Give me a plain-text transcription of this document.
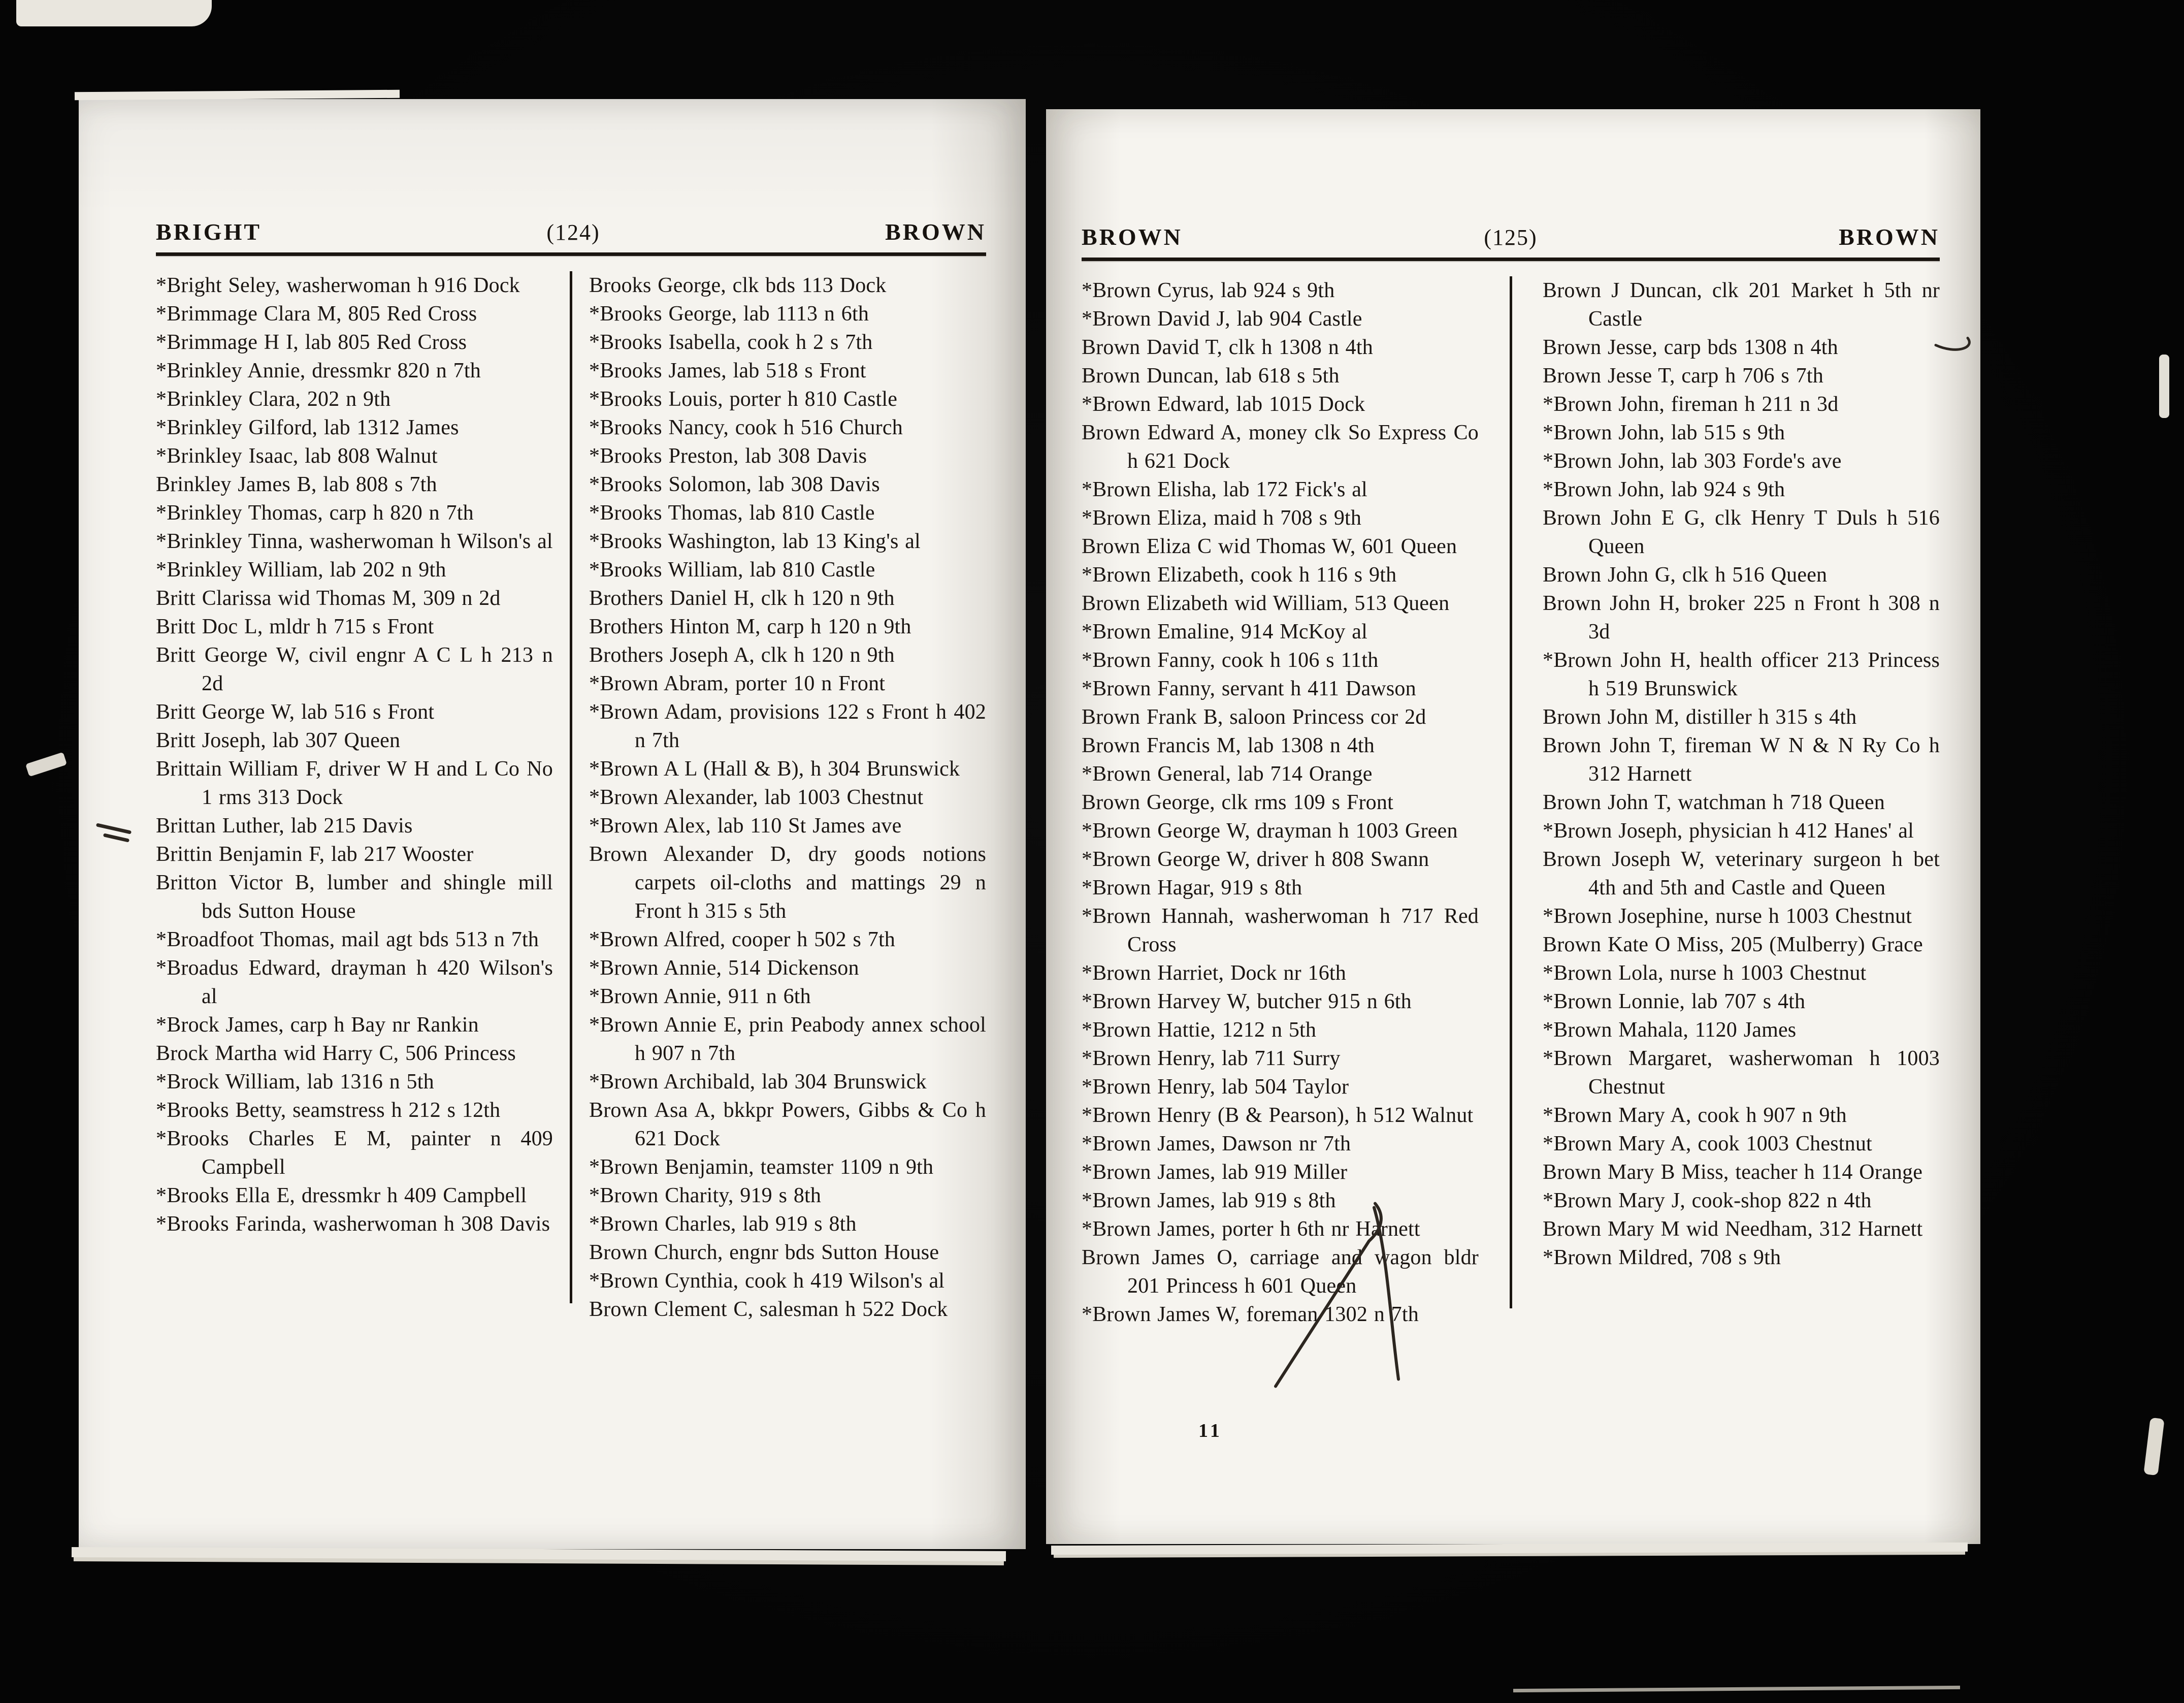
BRIGHT	(124)	BROWN

*Bright Seley, washerwoman h 916 Dock

*Brimmage Clara M, 805 Red Cross

*Brimmage H I, lab 805 Red Cross

*Brinkley Annie, dressmkr 820 n 7th

*Brinkley Clara, 202 n 9th

*Brinkley Gilford, lab 1312 James

*Brinkley Isaac, lab 808 Walnut

Brinkley James B, lab 808 s 7th

*Brinkley Thomas, carp h 820 n 7th

*Brinkley Tinna, washerwoman h Wilson's al

*Brinkley William, lab 202 n 9th

Britt Clarissa wid Thomas M, 309 n 2d

Britt Doc L, mldr h 715 s Front

Britt George W, civil engnr A C L h 213 n 2d

Britt George W, lab 516 s Front

Britt Joseph, lab 307 Queen

Brittain William F, driver W H and L Co No 1 rms 313 Dock

Brittan Luther, lab 215 Davis

Brittin Benjamin F, lab 217 Wooster

Britton Victor B, lumber and shingle mill bds Sutton House

*Broadfoot Thomas, mail agt bds 513 n 7th

*Broadus Edward, drayman h 420 Wilson's al

*Brock James, carp h Bay nr Rankin

Brock Martha wid Harry C, 506 Princess

*Brock William, lab 1316 n 5th

*Brooks Betty, seamstress h 212 s 12th

*Brooks Charles E M, painter n 409 Campbell

*Brooks Ella E, dressmkr h 409 Campbell

*Brooks Farinda, washerwoman h 308 Davis

Brooks George, clk bds 113 Dock

*Brooks George, lab 1113 n 6th

*Brooks Isabella, cook h 2 s 7th

*Brooks James, lab 518 s Front

*Brooks Louis, porter h 810 Castle

*Brooks Nancy, cook h 516 Church

*Brooks Preston, lab 308 Davis

*Brooks Solomon, lab 308 Davis

*Brooks Thomas, lab 810 Castle

*Brooks Washington, lab 13 King's al

*Brooks William, lab 810 Castle

Brothers Daniel H, clk h 120 n 9th

Brothers Hinton M, carp h 120 n 9th

Brothers Joseph A, clk h 120 n 9th

*Brown Abram, porter 10 n Front

*Brown Adam, provisions 122 s Front h 402 n 7th

*Brown A L (Hall & B), h 304 Brunswick

*Brown Alexander, lab 1003 Chestnut

*Brown Alex, lab 110 St James ave

Brown Alexander D, dry goods notions carpets oil-cloths and mattings 29 n Front h 315 s 5th

*Brown Alfred, cooper h 502 s 7th

*Brown Annie, 514 Dickenson

*Brown Annie, 911 n 6th

*Brown Annie E, prin Peabody annex school h 907 n 7th

*Brown Archibald, lab 304 Brunswick

Brown Asa A, bkkpr Powers, Gibbs & Co h 621 Dock

*Brown Benjamin, teamster 1109 n 9th

*Brown Charity, 919 s 8th

*Brown Charles, lab 919 s 8th

Brown Church, engnr bds Sutton House

*Brown Cynthia, cook h 419 Wilson's al

Brown Clement C, salesman h 522 Dock

BROWN	(125)	BROWN

*Brown Cyrus, lab 924 s 9th

*Brown David J, lab 904 Castle

Brown David T, clk h 1308 n 4th

Brown Duncan, lab 618 s 5th

*Brown Edward, lab 1015 Dock

Brown Edward A, money clk So Express Co h 621 Dock

*Brown Elisha, lab 172 Fick's al

*Brown Eliza, maid h 708 s 9th

Brown Eliza C wid Thomas W, 601 Queen

*Brown Elizabeth, cook h 116 s 9th

Brown Elizabeth wid William, 513 Queen

*Brown Emaline, 914 McKoy al

*Brown Fanny, cook h 106 s 11th

*Brown Fanny, servant h 411 Dawson

Brown Frank B, saloon Princess cor 2d

Brown Francis M, lab 1308 n 4th

*Brown General, lab 714 Orange

Brown George, clk rms 109 s Front

*Brown George W, drayman h 1003 Green

*Brown George W, driver h 808 Swann

*Brown Hagar, 919 s 8th

*Brown Hannah, washerwoman h 717 Red Cross

*Brown Harriet, Dock nr 16th

*Brown Harvey W, butcher 915 n 6th

*Brown Hattie, 1212 n 5th

*Brown Henry, lab 711 Surry

*Brown Henry, lab 504 Taylor

*Brown Henry (B & Pearson), h 512 Walnut

*Brown James, Dawson nr 7th

*Brown James, lab 919 Miller

*Brown James, lab 919 s 8th

*Brown James, porter h 6th nr Harnett

Brown James O, carriage and wagon bldr 201 Princess h 601 Queen

*Brown James W, foreman 1302 n 7th

Brown J Duncan, clk 201 Market h 5th nr Castle

Brown Jesse, carp bds 1308 n 4th

Brown Jesse T, carp h 706 s 7th

*Brown John, fireman h 211 n 3d

*Brown John, lab 515 s 9th

*Brown John, lab 303 Forde's ave

*Brown John, lab 924 s 9th

Brown John E G, clk Henry T Duls h 516 Queen

Brown John G, clk h 516 Queen

Brown John H, broker 225 n Front h 308 n 3d

*Brown John H, health officer 213 Princess h 519 Brunswick

Brown John M, distiller h 315 s 4th

Brown John T, fireman W N & N Ry Co h 312 Harnett

Brown John T, watchman h 718 Queen

*Brown Joseph, physician h 412 Hanes' al

Brown Joseph W, veterinary surgeon h bet 4th and 5th and Castle and Queen

*Brown Josephine, nurse h 1003 Chestnut

Brown Kate O Miss, 205 (Mulberry) Grace

*Brown Lola, nurse h 1003 Chestnut

*Brown Lonnie, lab 707 s 4th

*Brown Mahala, 1120 James

*Brown Margaret, washerwoman h 1003 Chestnut

*Brown Mary A, cook h 907 n 9th

*Brown Mary A, cook 1003 Chestnut

Brown Mary B Miss, teacher h 114 Orange

*Brown Mary J, cook-shop 822 n 4th

Brown Mary M wid Needham, 312 Harnett

*Brown Mildred, 708 s 9th

11
